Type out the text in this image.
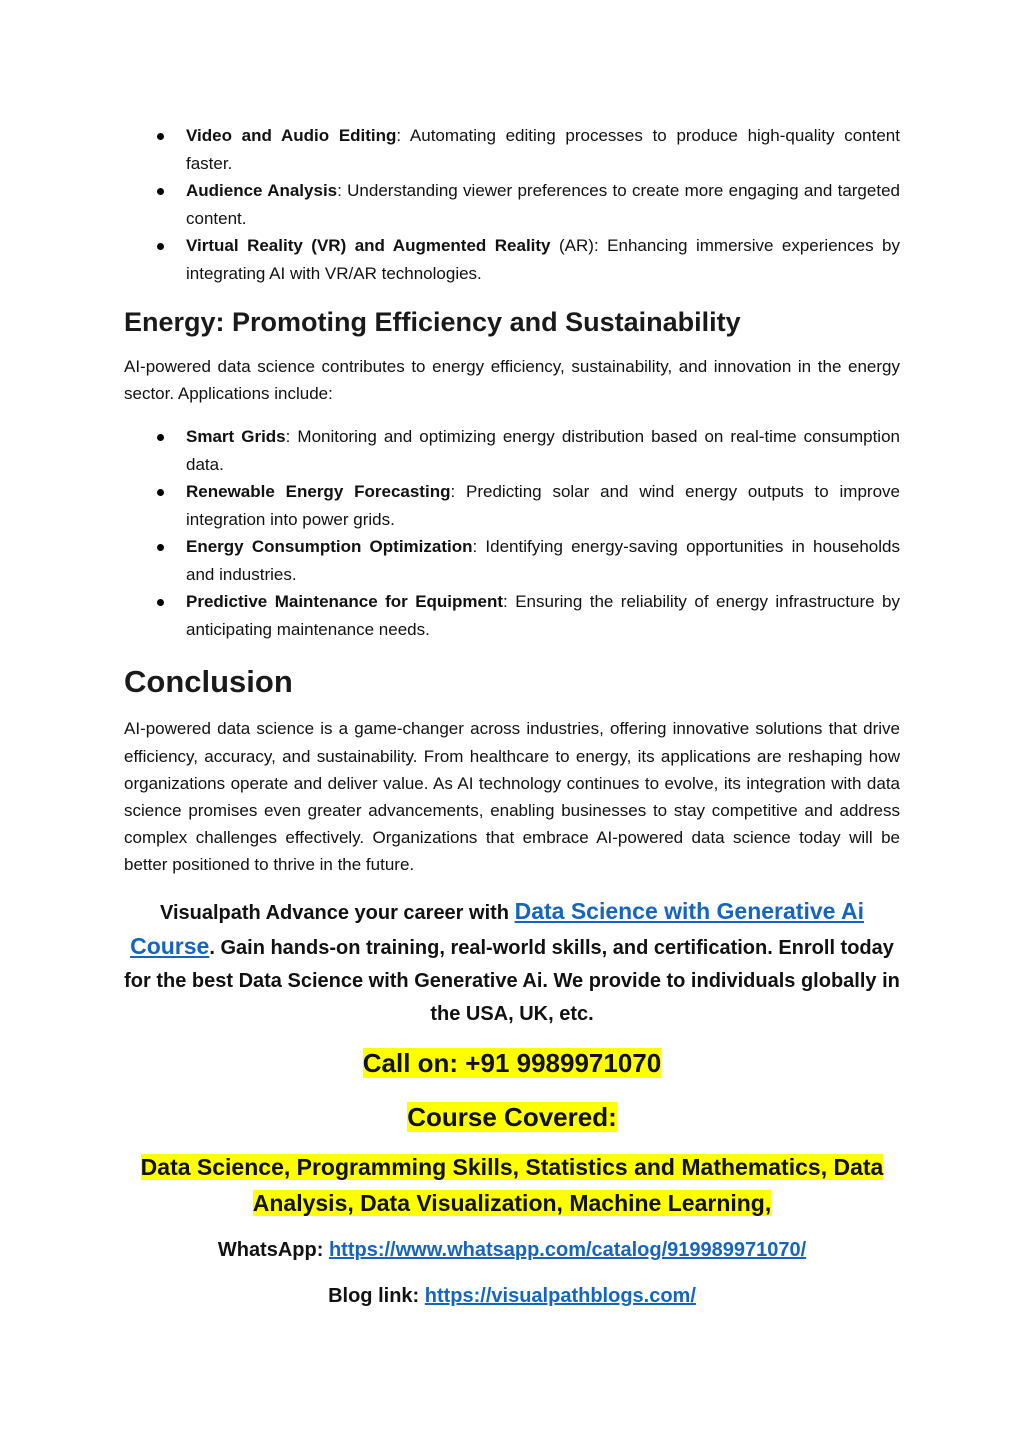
Video and Audio Editing: Automating editing processes to produce high-quality content faster.
Audience Analysis: Understanding viewer preferences to create more engaging and targeted content.
Virtual Reality (VR) and Augmented Reality (AR): Enhancing immersive experiences by integrating AI with VR/AR technologies.
Energy: Promoting Efficiency and Sustainability

AI-powered data science contributes to energy efficiency, sustainability, and innovation in the energy sector. Applications include:

Smart Grids: Monitoring and optimizing energy distribution based on real-time consumption data.
Renewable Energy Forecasting: Predicting solar and wind energy outputs to improve integration into power grids.
Energy Consumption Optimization: Identifying energy-saving opportunities in households and industries.
Predictive Maintenance for Equipment: Ensuring the reliability of energy infrastructure by anticipating maintenance needs.
Conclusion

AI-powered data science is a game-changer across industries, offering innovative solutions that drive efficiency, accuracy, and sustainability. From healthcare to energy, its applications are reshaping how organizations operate and deliver value. As AI technology continues to evolve, its integration with data science promises even greater advancements, enabling businesses to stay competitive and address complex challenges effectively. Organizations that embrace AI-powered data science today will be better positioned to thrive in the future.

Visualpath Advance your career with Data Science with Generative Ai Course. Gain hands-on training, real-world skills, and certification. Enroll today for the best Data Science with Generative Ai. We provide to individuals globally in the USA, UK, etc.
Call on: +91 9989971070
Course Covered:
Data Science, Programming Skills, Statistics and Mathematics, Data Analysis, Data Visualization, Machine Learning,
WhatsApp: https://www.whatsapp.com/catalog/919989971070/
Blog link: https://visualpathblogs.com/
